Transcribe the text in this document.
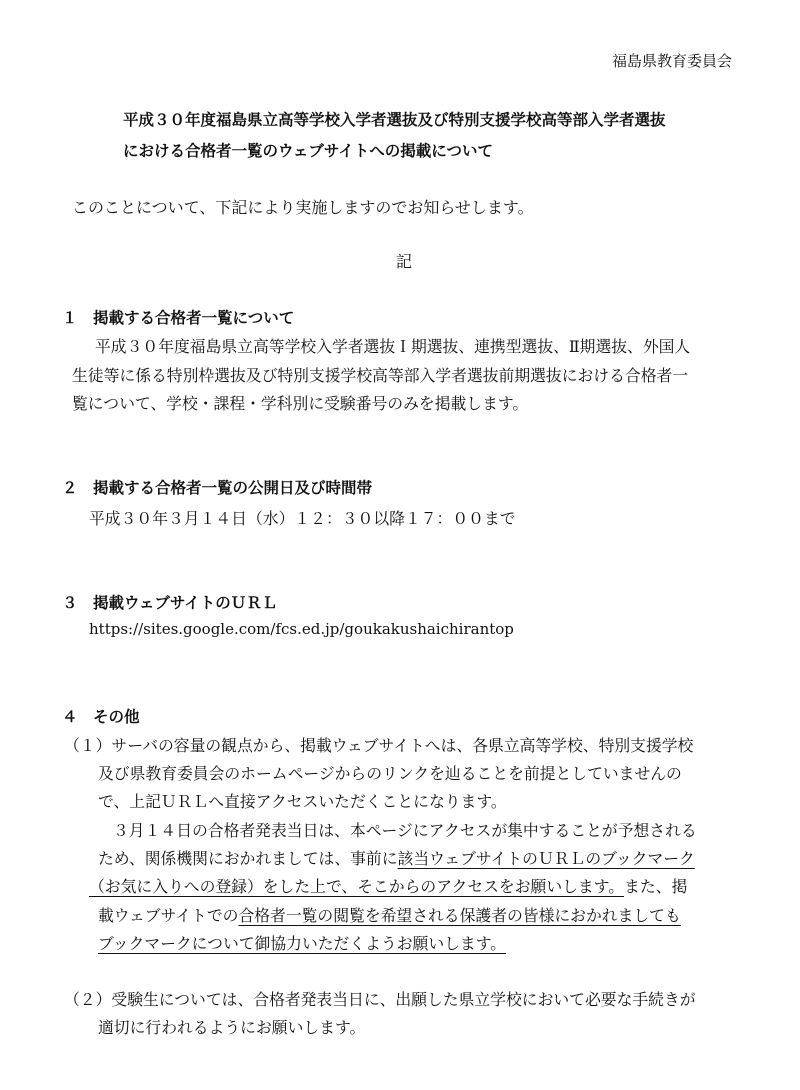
福島県教育委員会
平成３０年度福島県立高等学校入学者選抜及び特別支援学校高等部入学者選抜
における合格者一覧のウェブサイトへの掲載について
このことについて、下記により実施しますのでお知らせします。
記
１ 掲載する合格者一覧について
平成３０年度福島県立高等学校入学者選抜Ｉ期選抜、連携型選抜、Ⅱ期選抜、外国人
生徒等に係る特別枠選抜及び特別支援学校高等部入学者選抜前期選抜における合格者一
覧について、学校・課程・学科別に受験番号のみを掲載します。
２ 掲載する合格者一覧の公開日及び時間帯
平成３０年３月１４日（水）１２：３０以降１７：００まで
３ 掲載ウェブサイトのＵＲＬ
https://sites.google.com/fcs.ed.jp/goukakushaichirantop
４ その他
（１）サーバの容量の観点から、掲載ウェブサイトへは、各県立高等学校、特別支援学校
及び県教育委員会のホームページからのリンクを辿ることを前提としていませんの
で、上記ＵＲＬへ直接アクセスいただくことになります。
３月１４日の合格者発表当日は、本ページにアクセスが集中することが予想される
ため、関係機関におかれましては、事前に該当ウェブサイトのＵＲＬのブックマーク
（お気に入りへの登録）をした上で、そこからのアクセスをお願いします。また、掲
載ウェブサイトでの合格者一覧の閲覧を希望される保護者の皆様におかれましても
ブックマークについて御協力いただくようお願いします。
（２）受験生については、合格者発表当日に、出願した県立学校において必要な手続きが
適切に行われるようにお願いします。
